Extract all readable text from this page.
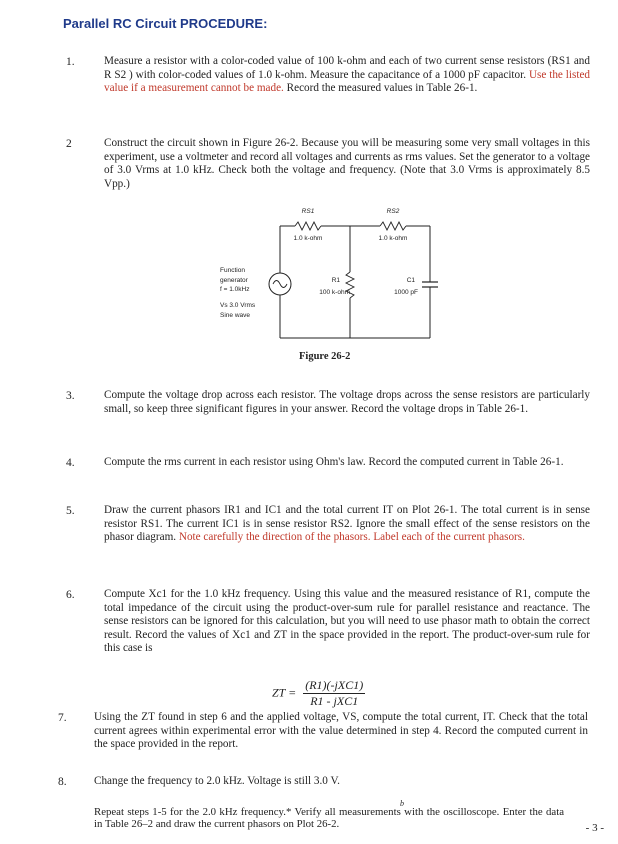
Parallel RC Circuit PROCEDURE:
1.	Measure a resistor with a color-coded value of 100 k-ohm and each of two current sense resistors (RS1 and R S2 ) with color-coded values of 1.0 k-ohm. Measure the capacitance of a 1000 pF capacitor. Use the listed value if a measurement cannot be made. Record the measured values in Table 26-1.
2	Construct the circuit shown in Figure 26-2. Because you will be measuring some very small voltages in this experiment, use a voltmeter and record all voltages and currents as rms values. Set the generator to a voltage of 3.0 Vrms at 1.0 kHz. Check both the voltage and frequency. (Note that 3.0 Vrms is approximately 8.5 Vpp.)
RS1
1.0 k-ohm
RS2
1.0 k-ohm
R1
100 k-ohm
C1
1000 pF
Function
generator
f = 1.0kHz
Vs 3.0 Vrms
Sine wave
Figure 26-2
3.	Compute the voltage drop across each resistor. The voltage drops across the sense resistors are particularly small, so keep three significant figures in your answer. Record the voltage drops in Table 26-1.
4.	Compute the rms current in each resistor using Ohm's law. Record the computed current in Table 26-1.
5.	Draw the current phasors IR1 and IC1 and the total current IT on Plot 26-1. The total current is in sense resistor RS1. The current IC1 is in sense resistor RS2. Ignore the small effect of the sense resistors on the phasor diagram. Note carefully the direction of the phasors. Label each of the current phasors.
6.	Compute Xc1 for the 1.0 kHz frequency. Using this value and the measured resistance of R1, compute the total impedance of the circuit using the product-over-sum rule for parallel resistance and reactance. The sense resistors can be ignored for this calculation, but you will need to use phasor math to obtain the correct result. Record the values of Xc1 and ZT in the space provided in the report. The product-over-sum rule for this case is
ZT = $\frac{\text{(R1)(-jXC1)}}{\text{R1 - jXC1}}$
7. Using the ZT found in step 6 and the applied voltage, VS, compute the total current, IT. Check that the total current agrees within experimental error with the value determined in step 4. Record the computed current in the space provided in the report.
8. Change the frequency to 2.0 kHz. Voltage is still 3.0 V.
b
Repeat steps 1-5 for the 2.0 kHz frequency.* Verify all measurements with the oscilloscope. Enter the data in Table 26–2 and draw the current phasors on Plot 26-2.	- 3 -
